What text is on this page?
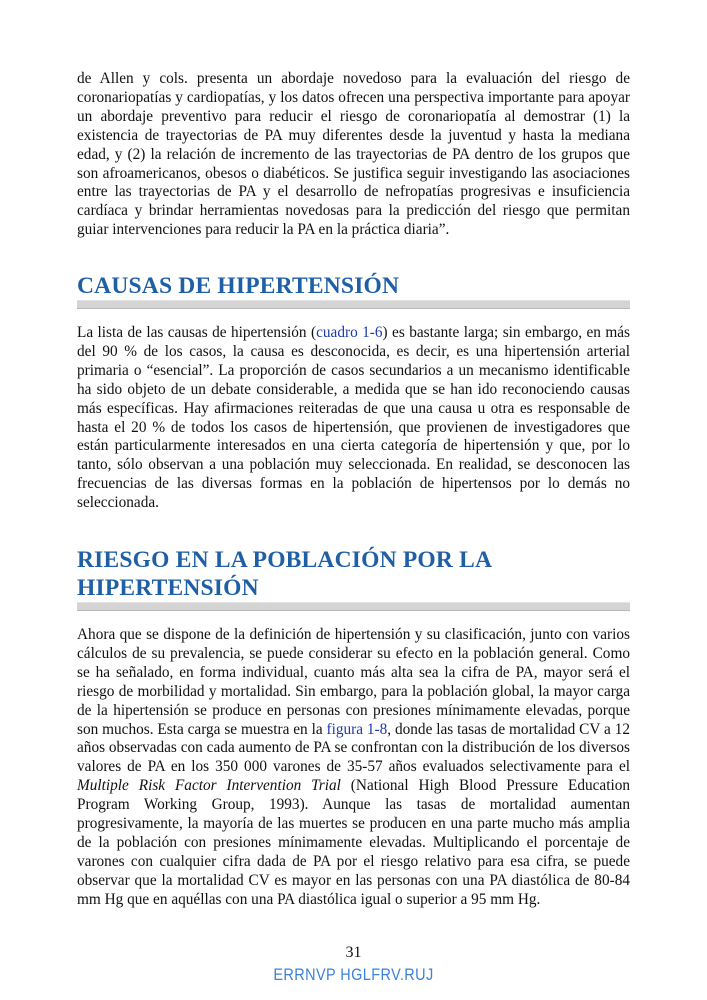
de Allen y cols. presenta un abordaje novedoso para la evaluación del riesgo de coronariopatías y cardiopatías, y los datos ofrecen una perspectiva importante para apoyar un abordaje preventivo para reducir el riesgo de coronariopatía al demostrar (1) la existencia de trayectorias de PA muy diferentes desde la juventud y hasta la mediana edad, y (2) la relación de incremento de las trayectorias de PA dentro de los grupos que son afroamericanos, obesos o diabéticos. Se justifica seguir investigando las asociaciones entre las trayectorias de PA y el desarrollo de nefropatías progresivas e insuficiencia cardíaca y brindar herramientas novedosas para la predicción del riesgo que permitan guiar intervenciones para reducir la PA en la práctica diaria”.

CAUSAS DE HIPERTENSIÓN

La lista de las causas de hipertensión (cuadro 1-6) es bastante larga; sin embargo, en más del 90 % de los casos, la causa es desconocida, es decir, es una hipertensión arterial primaria o “esencial”. La proporción de casos secundarios a un mecanismo identificable ha sido objeto de un debate considerable, a medida que se han ido reconociendo causas más específicas. Hay afirmaciones reiteradas de que una causa u otra es responsable de hasta el 20 % de todos los casos de hipertensión, que provienen de investigadores que están particularmente interesados en una cierta categoría de hipertensión y que, por lo tanto, sólo observan a una población muy seleccionada. En realidad, se desconocen las frecuencias de las diversas formas en la población de hipertensos por lo demás no seleccionada.

RIESGO EN LA POBLACIÓN POR LA
HIPERTENSIÓN

Ahora que se dispone de la definición de hipertensión y su clasificación, junto con varios cálculos de su prevalencia, se puede considerar su efecto en la población general. Como se ha señalado, en forma individual, cuanto más alta sea la cifra de PA, mayor será el riesgo de morbilidad y mortalidad. Sin embargo, para la población global, la mayor carga de la hipertensión se produce en personas con presiones mínimamente elevadas, porque son muchos. Esta carga se muestra en la figura 1-8, donde las tasas de mortalidad CV a 12 años observadas con cada aumento de PA se confrontan con la distribución de los diversos valores de PA en los 350 000 varones de 35-57 años evaluados selectivamente para el Multiple Risk Factor Intervention Trial (National High Blood Pressure Education Program Working Group, 1993). Aunque las tasas de mortalidad aumentan progresivamente, la mayoría de las muertes se producen en una parte mucho más amplia de la población con presiones mínimamente elevadas. Multiplicando el porcentaje de varones con cualquier cifra dada de PA por el riesgo relativo para esa cifra, se puede observar que la mortalidad CV es mayor en las personas con una PA diastólica de 80-84 mm Hg que en aquéllas con una PA diastólica igual o superior a 95 mm Hg.

31

ERRNVP HGLFRV.RUJ
